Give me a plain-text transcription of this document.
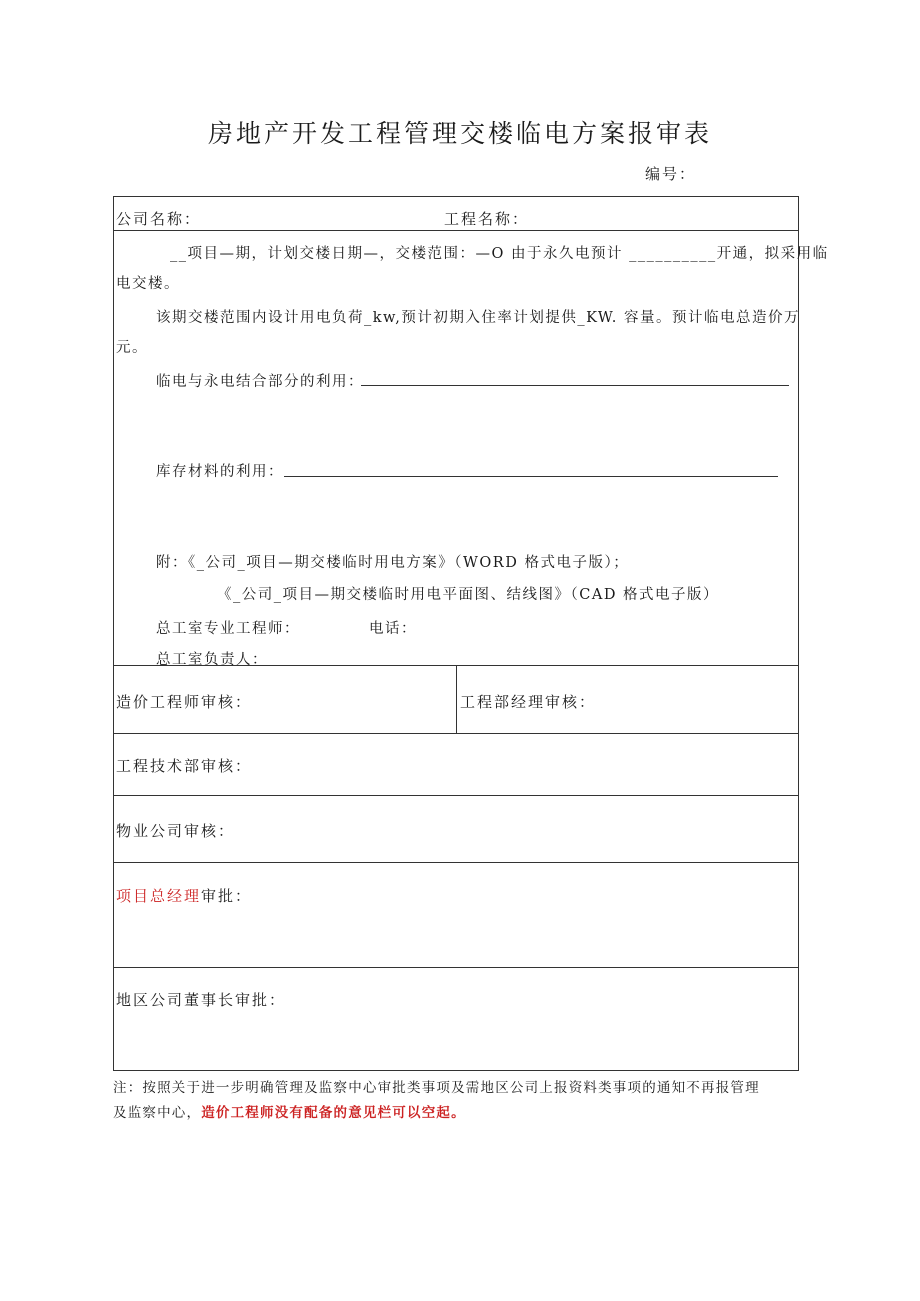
房地产开发工程管理交楼临电方案报审表
编号：
公司名称：	工程名称：
__项目—期，计划交楼日期—，交楼范围：—O 由于永久电预计 __________开通，拟采用临
电交楼。
该期交楼范围内设计用电负荷_kw,预计初期入住率计划提供_KW. 容量。预计临电总造价 万
元。
临电与永电结合部分的利用：
库存材料的利用：
附：《_公司_项目—期交楼临时用电方案》（WORD 格式电子版）；
《_公司_项目—期交楼临时用电平面图、结线图》（CAD 格式电子版）
总工室专业工程师：	电话：
总工室负责人：
造价工程师审核：	工程部经理审核：
工程技术部审核：
物业公司审核：
项目总经理审批：
地区公司董事长审批：
注：按照关于进一步明确管理及监察中心审批类事项及需地区公司上报资料类事项的通知不再报管理
及监察中心，造价工程师没有配备的意见栏可以空起。
